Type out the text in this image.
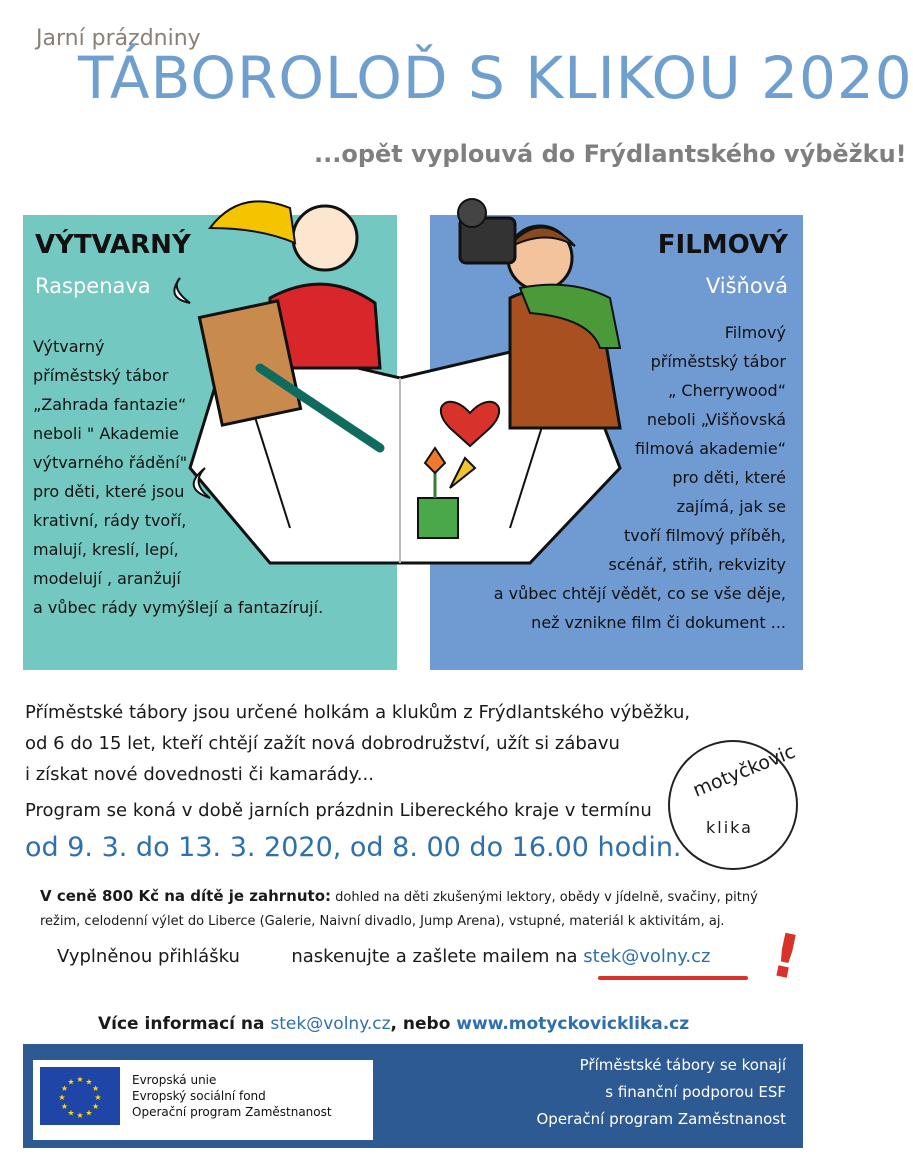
Jarní prázdniny
TÁBOROLOĎ S KLIKOU 2020
...opět vyplouvá do Frýdlantského výběžku!
VÝTVARNÝ
Raspenava
Výtvarný
příměstský tábor
„Zahrada fantazie“
neboli " Akademie
výtvarného řádění"
pro děti, které jsou
krativní, rády tvoří,
malují, kreslí, lepí,
modelují , aranžují
a vůbec rády vymýšlejí a fantazírují.
FILMOVÝ
Višňová
Filmový
příměstský tábor
„ Cherrywood“
neboli „Višňovská
filmová akademie“
pro děti, které
zajímá, jak se
tvoří filmový příběh,
scénář, střih, rekvizity
a vůbec chtějí vědět, co se vše děje,
než vznikne film či dokument ...
Příměstské tábory jsou určené holkám a klukům z Frýdlantského výběžku,
od 6 do 15 let, kteří chtějí zažít nová dobrodružství, užít si zábavu
i získat nové dovednosti či kamarády...	motyčkovic
klika
Program se koná v době jarních prázdnin Libereckého kraje v termínu
od 9. 3. do 13. 3. 2020, od 8. 00 do 16.00 hodin.
V ceně 800 Kč na dítě je zahrnuto: dohled na děti zkušenými lektory, obědy v jídelně, svačiny, pitný
režim, celodenní výlet do Liberce (Galerie, Naivní divadlo, Jump Arena), vstupné, materiál k aktivitám, aj.
Vyplněnou přihlášku	naskenujte a zašlete mailem na stek@volny.cz !
Více informací na stek@volny.cz, nebo www.motyckovicklika.cz
★ ★
★
★
★
★
★
★
★
★
★
★	Evropská unie
Evropský sociální fond
Operační program Zaměstnanost
Příměstské tábory se konají
s finanční podporou ESF
Operační program Zaměstnanost
